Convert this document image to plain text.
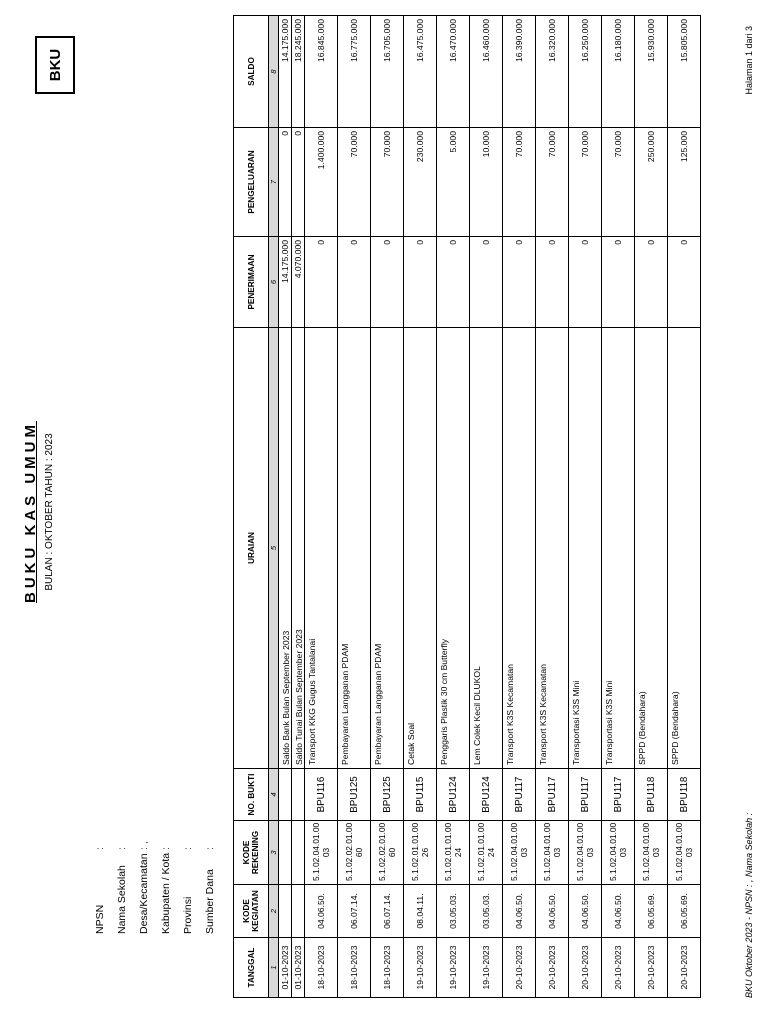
BKU
BUKU KAS UMUM BULAN : OKTOBER TAHUN : 2023
NPSN:
Nama Sekolah:
Desa/Kecamatan: ,
Kabupaten / Kota:
Provinsi:
Sumber Dana:
TANGGAL	KODE KEGIATAN	KODE REKENING	NO. BUKTI	URAIAN	PENERIMAAN	PENGELUARAN	SALDO
1	2	3	4	5	6	7	8
01-10-2023				Saldo Bank Bulan September 2023	14.175.000	0	14.175.000
01-10-2023				Saldo Tunai Bulan September 2023	4.070.000	0	18.245.000
18-10-2023	04.06.50.	5.1.02.04.01.00 03	BPU116	Transport KKG Gugus Tantalanai	0	1.400.000	16.845.000
18-10-2023	06.07.14.	5.1.02.02.01.00 60	BPU125	Pembayaran Langganan PDAM	0	70.000	16.775.000
18-10-2023	06.07.14.	5.1.02.02.01.00 60	BPU125	Pembayaran Langganan PDAM	0	70.000	16.705.000
19-10-2023	08.04.11.	5.1.02.01.01.00 26	BPU115	Cetak Soal	0	230.000	16.475.000
19-10-2023	03.05.03.	5.1.02.01.01.00 24	BPU124	Penggaris Plastik 30 cm Butterfly	0	5.000	16.470.000
19-10-2023	03.05.03.	5.1.02.01.01.00 24	BPU124	Lem Colek Kecil DLUKOL	0	10.000	16.460.000
20-10-2023	04.06.50.	5.1.02.04.01.00 03	BPU117	Transport K3S Kecamatan	0	70.000	16.390.000
20-10-2023	04.06.50.	5.1.02.04.01.00 03	BPU117	Transport K3S Kecamatan	0	70.000	16.320.000
20-10-2023	04.06.50.	5.1.02.04.01.00 03	BPU117	Transportasi K3S Mini	0	70.000	16.250.000
20-10-2023	04.06.50.	5.1.02.04.01.00 03	BPU117	Transportasi K3S Mini	0	70.000	16.180.000
20-10-2023	06.05.69.	5.1.02.04.01.00 03	BPU118	SPPD (Bendahara)	0	250.000	15.930.000
20-10-2023	06.05.69.	5.1.02.04.01.00 03	BPU118	SPPD (Bendahara)	0	125.000	15.805.000
BKU Oktober 2023 - NPSN : , Nama Sekolah :
Halaman 1 dari 3
